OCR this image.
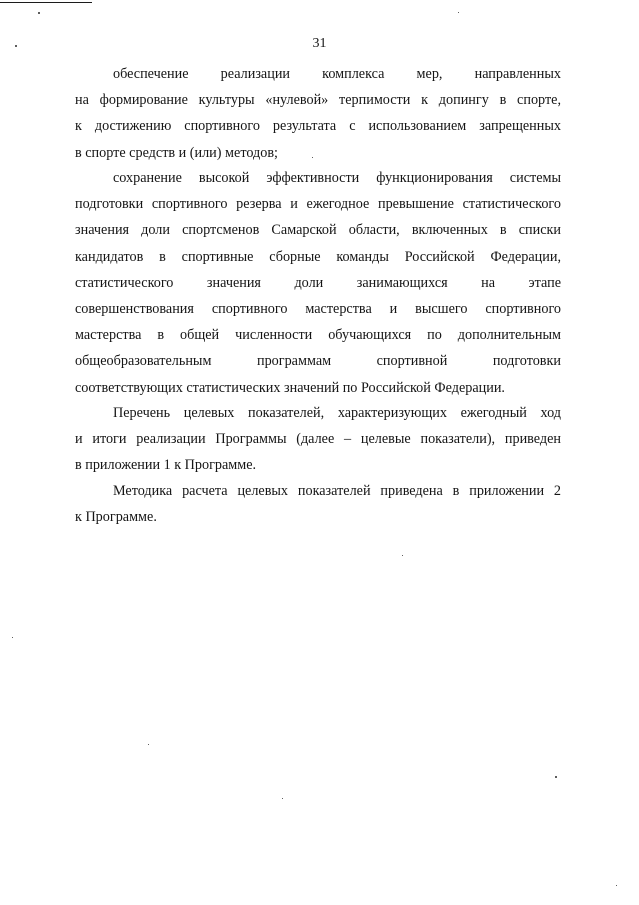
31
обеспечение реализации комплекса мер, направленных
на формирование культуры «нулевой» терпимости к допингу в спорте,
к достижению спортивного результата с использованием запрещенных
в спорте средств и (или) методов;
сохранение высокой эффективности функционирования системы
подготовки спортивного резерва и ежегодное превышение статистического
значения доли спортсменов Самарской области, включенных в списки
кандидатов в спортивные сборные команды Российской Федерации,
статистического значения доли занимающихся на этапе
совершенствования спортивного мастерства и высшего спортивного
мастерства в общей численности обучающихся по дополнительным
общеобразовательным программам спортивной подготовки
соответствующих статистических значений по Российской Федерации.
Перечень целевых показателей, характеризующих ежегодный ход
и итоги реализации Программы (далее – целевые показатели), приведен
в приложении 1 к Программе.
Методика расчета целевых показателей приведена в приложении 2
к Программе.
